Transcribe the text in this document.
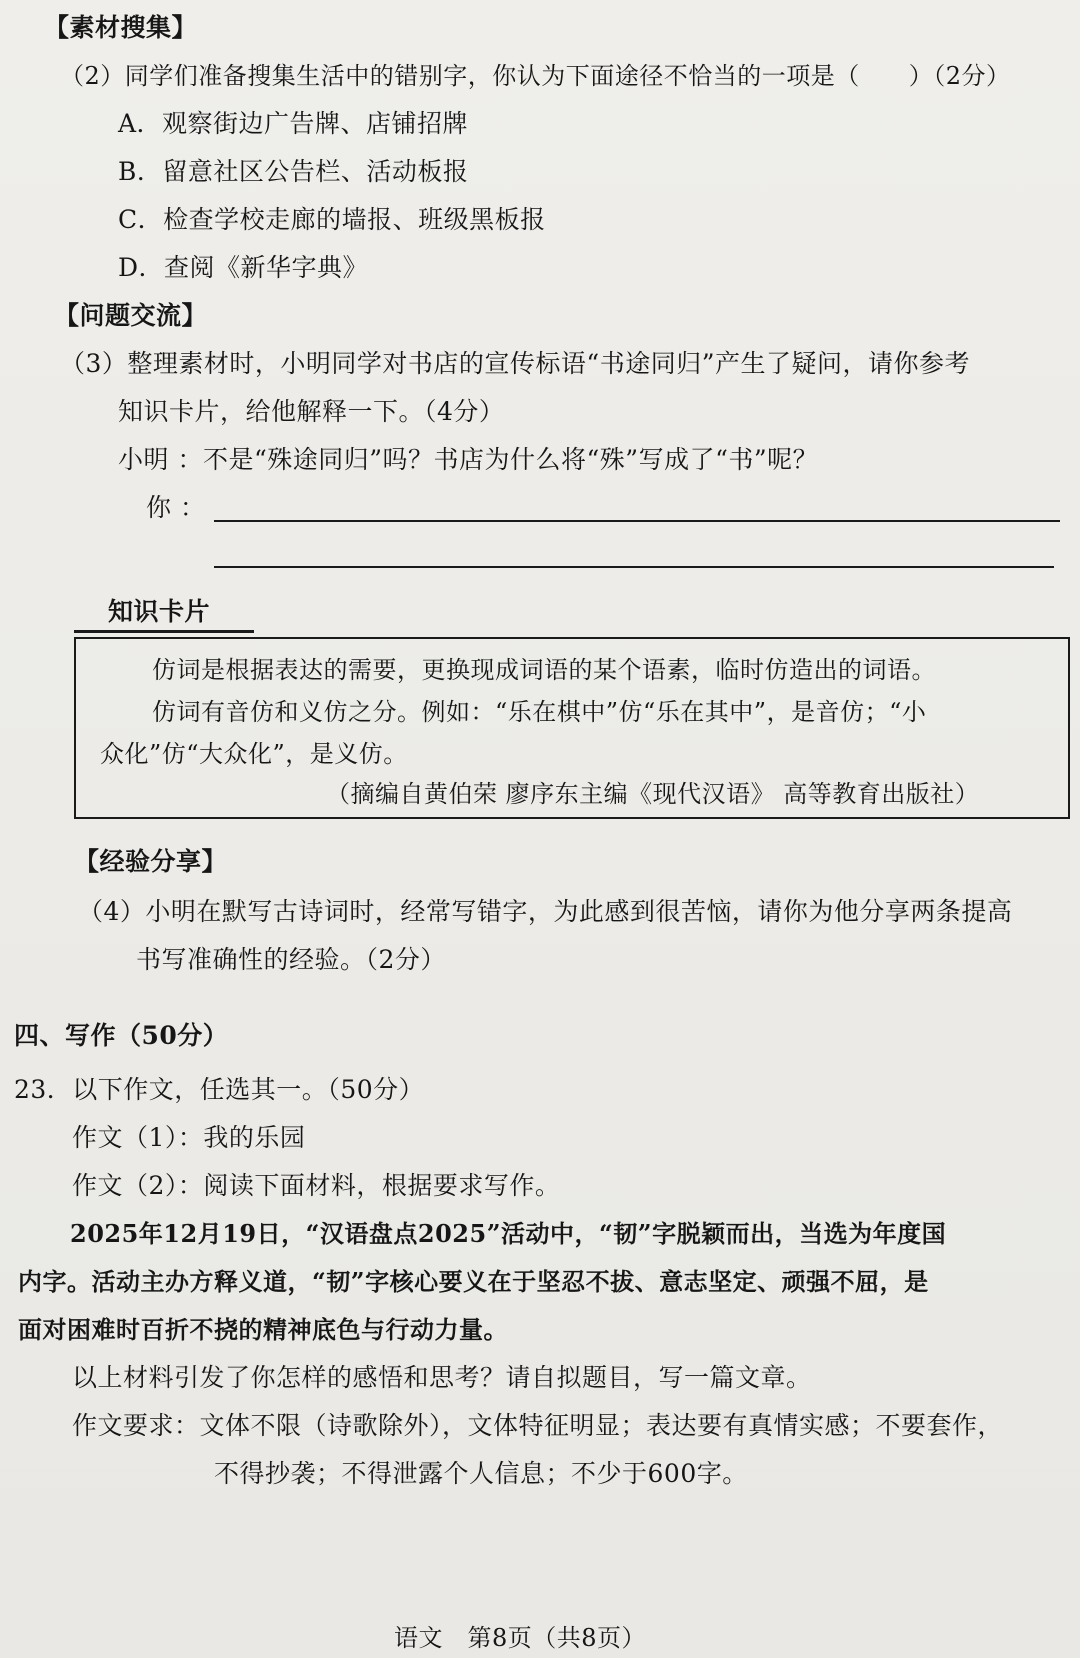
【素材搜集】
（2）同学们准备搜集生活中的错别字，你认为下面途径不恰当的一项是（　　）（2分）
A．观察街边广告牌、店铺招牌
B．留意社区公告栏、活动板报
C．检查学校走廊的墙报、班级黑板报
D．查阅《新华字典》
【问题交流】
（3）整理素材时，小明同学对书店的宣传标语“书途同归”产生了疑问，请你参考
知识卡片，给他解释一下。（4分）
小明 ：不是“殊途同归”吗？书店为什么将“殊”写成了“书”呢？
你 ：
知识卡片
仿词是根据表达的需要，更换现成词语的某个语素，临时仿造出的词语。
仿词有音仿和义仿之分。例如：“乐在棋中”仿“乐在其中”，是音仿；“小
众化”仿“大众化”，是义仿。
（摘编自黄伯荣 廖序东主编《现代汉语》 高等教育出版社）
【经验分享】
（4）小明在默写古诗词时，经常写错字，为此感到很苦恼，请你为他分享两条提高
书写准确性的经验。（2分）
四、写作（50分）
23．以下作文，任选其一。（50分）
作文（1）：我的乐园
作文（2）：阅读下面材料，根据要求写作。
2025年12月19日，“汉语盘点2025”活动中，“韧”字脱颖而出，当选为年度国
内字。活动主办方释义道，“韧”字核心要义在于坚忍不拔、意志坚定、顽强不屈，是
面对困难时百折不挠的精神底色与行动力量。
以上材料引发了你怎样的感悟和思考？请自拟题目，写一篇文章。
作文要求：文体不限（诗歌除外），文体特征明显；表达要有真情实感；不要套作，
不得抄袭；不得泄露个人信息；不少于600字。
语文　第8页（共8页）
